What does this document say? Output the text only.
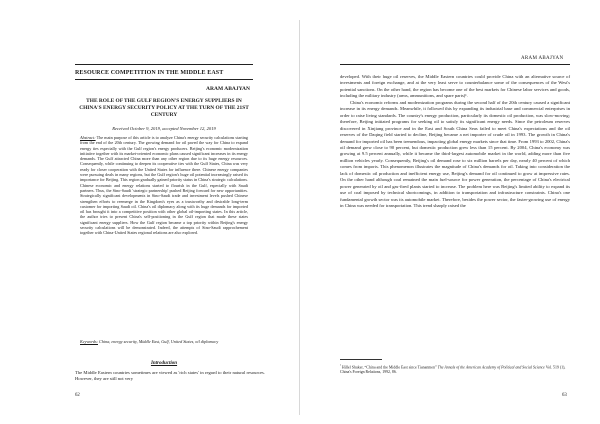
RESOURCE COMPETITION IN THE MIDDLE EAST
ARAM ABAJYAN
THE ROLE OF THE GULF REGION'S ENERGY SUPPLIERS IN CHINA'S ENERGY SECURITY POLICY AT THE TURN OF THE 21ST CENTURY
Received October 9, 2019, accepted November 12, 2019
Abstract: The main purpose of this article is to analyze China's energy security calculations starting from the end of the 20th century. The growing demand for oil paved the way for China to expand energy ties especially with the Gulf region's energy producers. Beijing's economic modernization initiative together with its market-oriented economic plans caused significant increases in its energy demands. The Gulf attracted China more than any other region due to its huge energy resources. Consequently, while continuing to deepen its cooperative ties with the Gulf States, China was very ready for closer cooperation with the United States for influence there. Chinese energy companies were pursuing deals in many regions, but the Gulf region's huge oil potential increasingly raised its importance for Beijing. This region gradually gained priority status in China's strategic calculations. Chinese economic and energy relations started to flourish in the Gulf, especially with Saudi partners. Thus, the Sino-Saudi 'strategic partnership' pushed Beijing forward for new opportunities. Strategically significant developments in Sino-Saudi trade and investment levels pushed Chinese strengthen efforts to reemerge in the Kingdom's eyes as a trustworthy and desirable long-term customer for importing Saudi oil. China's oil diplomacy along with its huge demands for imported oil has brought it into a competitive position with other global oil-importing states. In this article, the author tries to present China's self-positioning in the Gulf region that made these states significant energy suppliers. How the Gulf region became a top priority within Beijing's energy security calculations will be demonstrated. Indeed, the attempts of Sino-Saudi rapprochement together with China-United States regional relations are also explored.
Keywords: China, energy security, Middle East, Gulf, United States, oil diplomacy
Introduction
The Middle Eastern countries sometimes are viewed as 'rich states' in regard to their natural resources. However, they are still not very
62
ARAM ABAJYAN

developed. With their huge oil reserves, the Middle Eastern countries could provide China with an alternative source of investments and foreign exchange, and at the very least serve to counterbalance some of the consequences of the West's potential sanctions. On the other hand, the region has become one of the best markets for Chinese labor services and goods, including the military industry (arms, ammunitions, and spare parts)¹.

China's economic reforms and modernization programs during the second half of the 20th century caused a significant increase in its energy demands. Meanwhile, it followed this by expanding its industrial base and commercial enterprises in order to raise living standards. The country's energy production, particularly its domestic oil production, was slow-moving; therefore, Beijing initiated programs for seeking oil to satisfy its significant energy needs. Since the petroleum reserves discovered in Xinjiang province and in the East and South China Seas failed to meet China's expectations and the oil reserves of the Daqing field started to decline, Beijing became a net importer of crude oil in 1993. The growth in China's demand for imported oil has been tremendous, impacting global energy markets since that time. From 1993 to 2002, China's oil demand grew close to 90 percent, but domestic production grew less than 15 percent. By 2004, China's economy was growing at 9.5 percent annually, while it became the third-largest automobile market in the world, adding more than five million vehicles yearly. Consequently, Beijing's oil demand rose to six million barrels per day, nearly 40 percent of which comes from imports. This phenomenon illustrates the magnitude of China's demands for oil. Taking into consideration the lack of domestic oil production and inefficient energy use, Beijing's demand for oil continued to grow at impressive rates. On the other hand although coal remained the main fuel-source for power generation, the percentage of China's electrical power generated by oil and gas-fired plants started to increase. The problem here was Beijing's limited ability to expand its use of coal imposed by technical shortcomings, in addition to transportation and infrastructure constraints. China's one fundamental growth sector was its automobile market. Therefore, besides the power sector, the faster-growing use of energy in China was needed for transportation. This trend sharply raised the

$^{^1}$ Hillel Shuker, “China and the Middle East since Tiananmen” The Annals of the American Academy of Political and Social Science Vol. 519 (1), China's Foreign Relations, 1992, 86.
63
